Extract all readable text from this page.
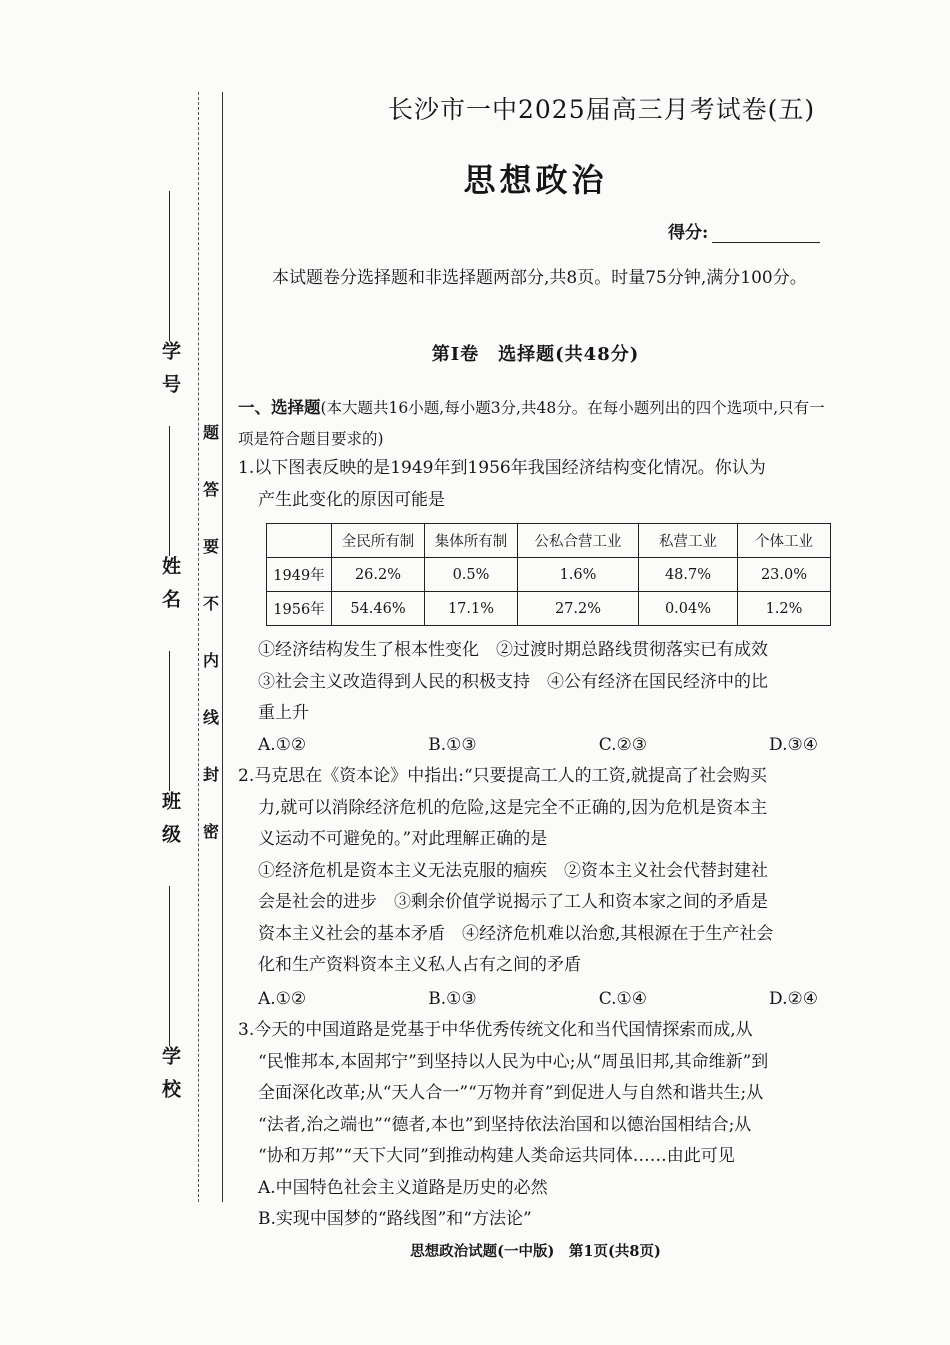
学号
姓名
班级
学校
题
答
要
不
内
线
封
密
长沙市一中2025届高三月考试卷(五)
思想政治
得分:
本试题卷分选择题和非选择题两部分,共8页。时量75分钟,满分100分。
第Ⅰ卷　选择题(共48分)
一、选择题(本大题共16小题,每小题3分,共48分。在每小题列出的四个选项中,只有一项是符合题目要求的)
1.以下图表反映的是1949年到1956年我国经济结构变化情况。你认为
产生此变化的原因可能是
	全民所有制	集体所有制	公私合营工业	私营工业	个体工业
1949年	26.2%	0.5%	1.6%	48.7%	23.0%
1956年	54.46%	17.1%	27.2%	0.04%	1.2%
①经济结构发生了根本性变化　②过渡时期总路线贯彻落实已有成效
③社会主义改造得到人民的积极支持　④公有经济在国民经济中的比
重上升
A.①②	B.①③	C.②③	D.③④
2.马克思在《资本论》中指出:“只要提高工人的工资,就提高了社会购买
力,就可以消除经济危机的危险,这是完全不正确的,因为危机是资本主
义运动不可避免的。”对此理解正确的是
①经济危机是资本主义无法克服的痼疾　②资本主义社会代替封建社
会是社会的进步　③剩余价值学说揭示了工人和资本家之间的矛盾是
资本主义社会的基本矛盾　④经济危机难以治愈,其根源在于生产社会
化和生产资料资本主义私人占有之间的矛盾
A.①②	B.①③	C.①④	D.②④
3.今天的中国道路是党基于中华优秀传统文化和当代国情探索而成,从
“民惟邦本,本固邦宁”到坚持以人民为中心;从“周虽旧邦,其命维新”到
全面深化改革;从“天人合一”“万物并育”到促进人与自然和谐共生;从
“法者,治之端也”“德者,本也”到坚持依法治国和以德治国相结合;从
“协和万邦”“天下大同”到推动构建人类命运共同体……由此可见
A.中国特色社会主义道路是历史的必然
B.实现中国梦的“路线图”和“方法论”
思想政治试题(一中版)　第1页(共8页)
